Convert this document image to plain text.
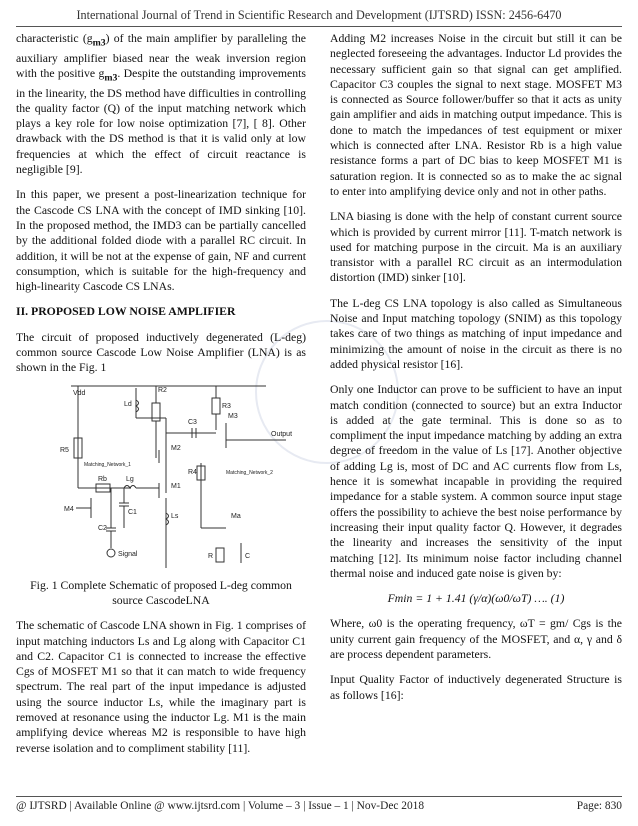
International Journal of Trend in Scientific Research and Development (IJTSRD) ISSN: 2456-6470

characteristic $(g_{m3})$ of the main amplifier by paralleling the auxiliary amplifier biased near the weak inversion region with the positive $g_{m3}$. Despite the outstanding improvements in the linearity, the DS method have difficulties in controlling the quality factor (Q) of the input matching network which plays a key role for low noise optimization [7], [ 8]. Other drawback with the DS method is that it is valid only at low frequencies at which the effect of circuit reactance is negligible [9].

In this paper, we present a post-linearization technique for the Cascode CS LNA with the concept of IMD sinking [10]. In the proposed method, the IMD3 can be partially cancelled by the additional folded diode with a parallel RC circuit. In addition, it will be not at the expense of gain, NF and current consumption, which is suitable for the high-frequency and high-linearity Cascode CS LNAs.

II. PROPOSED LOW NOISE AMPLIFIER

The circuit of proposed inductively degenerated (L-deg) common source Cascode Low Noise Amplifier (LNA) is as shown in the Fig. 1

Vdd	R2
Ld	R3
C3
M3
Output
M2
R5
Matching_Network_1
Matching_Network_2
M4
Rb	Lg
M1
R4
C1
Ma
C2
Ls
R	C
Signal

Fig. 1 Complete Schematic of proposed L-deg common source CascodeLNA

The schematic of Cascode LNA shown in Fig. 1 comprises of input matching inductors Ls and Lg along with Capacitor C1 and C2. Capacitor C1 is connected to increase the effective Cgs of MOSFET M1 so that it can match to wide frequency spectrum. The real part of the input impedance is adjusted using the source inductor Ls, while the imaginary part is removed at resonance using the inductor Lg. M1 is the main amplifying device whereas M2 is responsible to have high reverse isolation and to compliment stability [11].

Adding M2 increases Noise in the circuit but still it can be neglected foreseeing the advantages. Inductor Ld provides the necessary sufficient gain so that signal can get amplified. Capacitor C3 couples the signal to next stage. MOSFET M3 is connected as Source follower/buffer so that it acts as unity gain amplifier and aids in matching output impedance. This is done to match the impedances of test equipment or mixer which is connected after LNA. Resistor Rb is a high value resistance forms a part of DC bias to keep MOSFET M1 is saturation region. It is connected so as to make the ac signal to enter into amplifying device only and not in other paths.

LNA biasing is done with the help of constant current source which is provided by current mirror [11]. T-match network is used for matching purpose in the circuit. Ma is an auxiliary transistor with a parallel RC circuit as an intermodulation distortion (IMD) sinker [10].

The L-deg CS LNA topology is also called as Simultaneous Noise and Input matching topology (SNIM) as this topology takes care of two things as matching of input impedance and minimizing the amount of noise in the circuit as there is no added physical resistor [16].

Only one Inductor can prove to be sufficient to have an input match condition (connected to source) but an extra Inductor is added at the gate terminal. This is done so as to compliment the input impedance matching by adding an extra degree of freedom in the value of Ls [17]. Another objective of adding Lg is, most of DC and AC currents flow from Ls, hence it is somewhat incapable in providing the required impedance for a stable system. A common source input stage offers the possibility to achieve the best noise performance by increasing their input quality factor Q. However, it degrades the linearity and increases the sensitivity of the input matching [12]. Its minimum noise factor including channel thermal noise and induced gate noise is given by:

Fmin = 1 + 1.41 (γ/α)(ω0/ωT) …. (1)

Where, ω0 is the operating frequency, ωT = gm/ Cgs is the unity current gain frequency of the MOSFET, and α, γ and δ are process dependent parameters.

Input Quality Factor of inductively degenerated Structure is as follows [16]:

@ IJTSRD | Available Online @ www.ijtsrd.com | Volume – 3 | Issue – 1 | Nov-Dec 2018	Page: 830
